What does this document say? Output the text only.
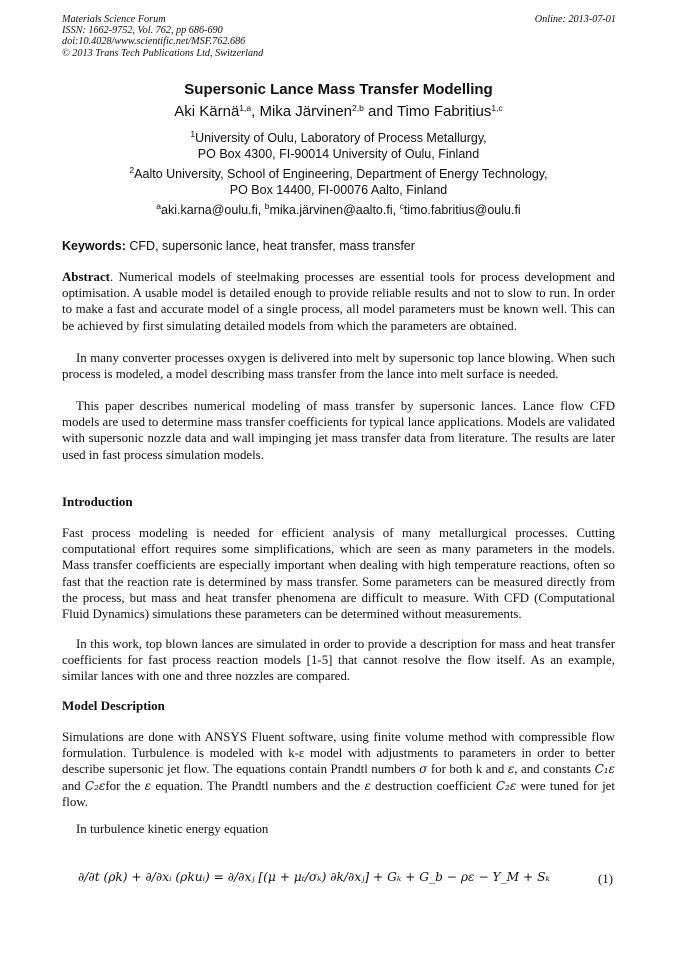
Materials Science Forum
ISSN: 1662-9752, Vol. 762, pp 686-690
doi:10.4028/www.scientific.net/MSF.762.686
© 2013 Trans Tech Publications Ltd, Switzerland
Online: 2013-07-01
Supersonic Lance Mass Transfer Modelling
Aki Kärnä$^{1,a}$, Mika Järvinen$^{2,b}$ and Timo Fabritius$^{1,c}$
$^1$University of Oulu, Laboratory of Process Metallurgy,
PO Box 4300, FI-90014 University of Oulu, Finland
$^2$Aalto University, School of Engineering, Department of Energy Technology,
PO Box 14400, FI-00076 Aalto, Finland
$^a$aki.karna@oulu.fi, $^b$mika.järvinen@aalto.fi, $^c$timo.fabritius@oulu.fi
Keywords: CFD, supersonic lance, heat transfer, mass transfer
Abstract. Numerical models of steelmaking processes are essential tools for process development and optimisation. A usable model is detailed enough to provide reliable results and not to slow to run. In order to make a fast and accurate model of a single process, all model parameters must be known well. This can be achieved by first simulating detailed models from which the parameters are obtained.
In many converter processes oxygen is delivered into melt by supersonic top lance blowing. When such process is modeled, a model describing mass transfer from the lance into melt surface is needed.
This paper describes numerical modeling of mass transfer by supersonic lances. Lance flow CFD models are used to determine mass transfer coefficients for typical lance applications. Models are validated with supersonic nozzle data and wall impinging jet mass transfer data from literature. The results are later used in fast process simulation models.
Introduction
Fast process modeling is needed for efficient analysis of many metallurgical processes. Cutting computational effort requires some simplifications, which are seen as many parameters in the models. Mass transfer coefficients are especially important when dealing with high temperature reactions, often so fast that the reaction rate is determined by mass transfer. Some parameters can be measured directly from the process, but mass and heat transfer phenomena are difficult to measure. With CFD (Computational Fluid Dynamics) simulations these parameters can be determined without measurements.
In this work, top blown lances are simulated in order to provide a description for mass and heat transfer coefficients for fast process reaction models [1-5] that cannot resolve the flow itself. As an example, similar lances with one and three nozzles are compared.
Model Description
Simulations are done with ANSYS Fluent software, using finite volume method with compressible flow formulation. Turbulence is modeled with k-ε model with adjustments to parameters in order to better describe supersonic jet flow. The equations contain Prandtl numbers σ for both k and ε, and constants C₁ε and C₂εfor the ε equation. The Prandtl numbers and the ε destruction coefficient C₂ε were tuned for jet flow.
In turbulence kinetic energy equation
∂/∂t (ρk) + ∂/∂xᵢ (ρkuᵢ) = ∂/∂xⱼ [(μ + μₜ/σₖ) ∂k/∂xⱼ] + Gₖ + G_b − ρε − Y_M + Sₖ	(1)
